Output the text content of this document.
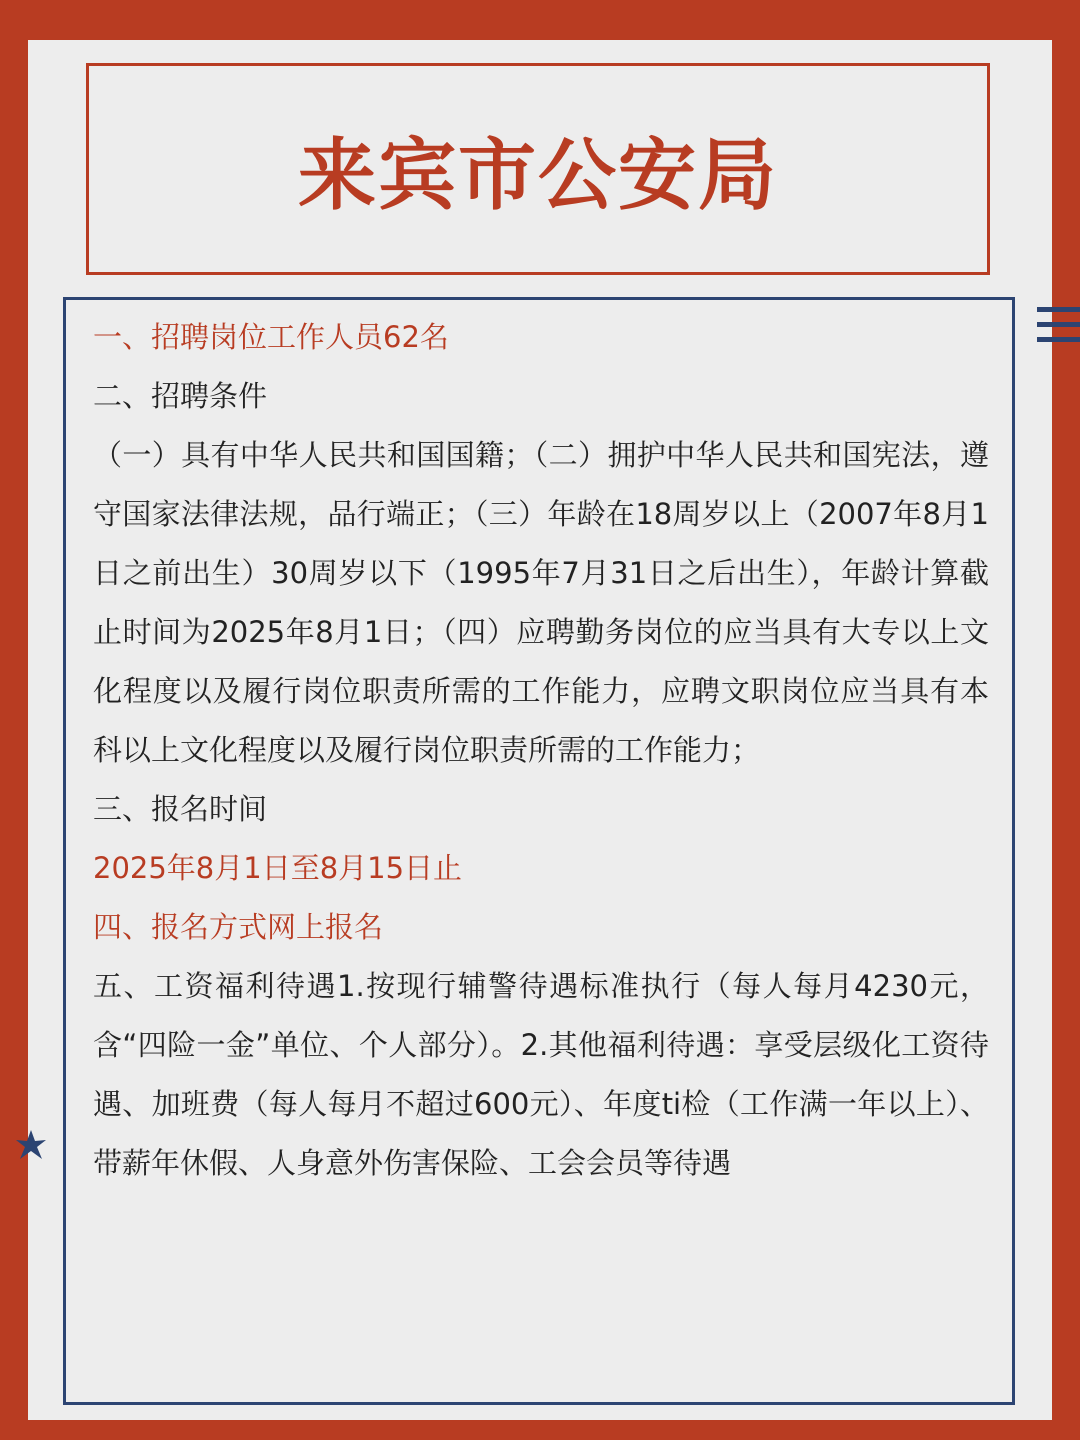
来宾市公安局

一、招聘岗位工作人员62名

二、招聘条件

（一）具有中华人民共和国国籍；（二）拥护中华人民共和国宪法，遵守国家法律法规，品行端正；（三）年龄在18周岁以上（2007年8月1日之前出生）30周岁以下（1995年7月31日之后出生），年龄计算截止时间为2025年8月1日；（四）应聘勤务岗位的应当具有大专以上文化程度以及履行岗位职责所需的工作能力，应聘文职岗位应当具有本科以上文化程度以及履行岗位职责所需的工作能力；

三、报名时间

2025年8月1日至8月15日止

四、报名方式网上报名

五、工资福利待遇1.按现行辅警待遇标准执行（每人每月4230元，含“四险一金”单位、个人部分）。2.其他福利待遇：享受层级化工资待遇、加班费（每人每月不超过600元）、年度ti检（工作满一年以上）、带薪年休假、人身意外伤害保险、工会会员等待遇
